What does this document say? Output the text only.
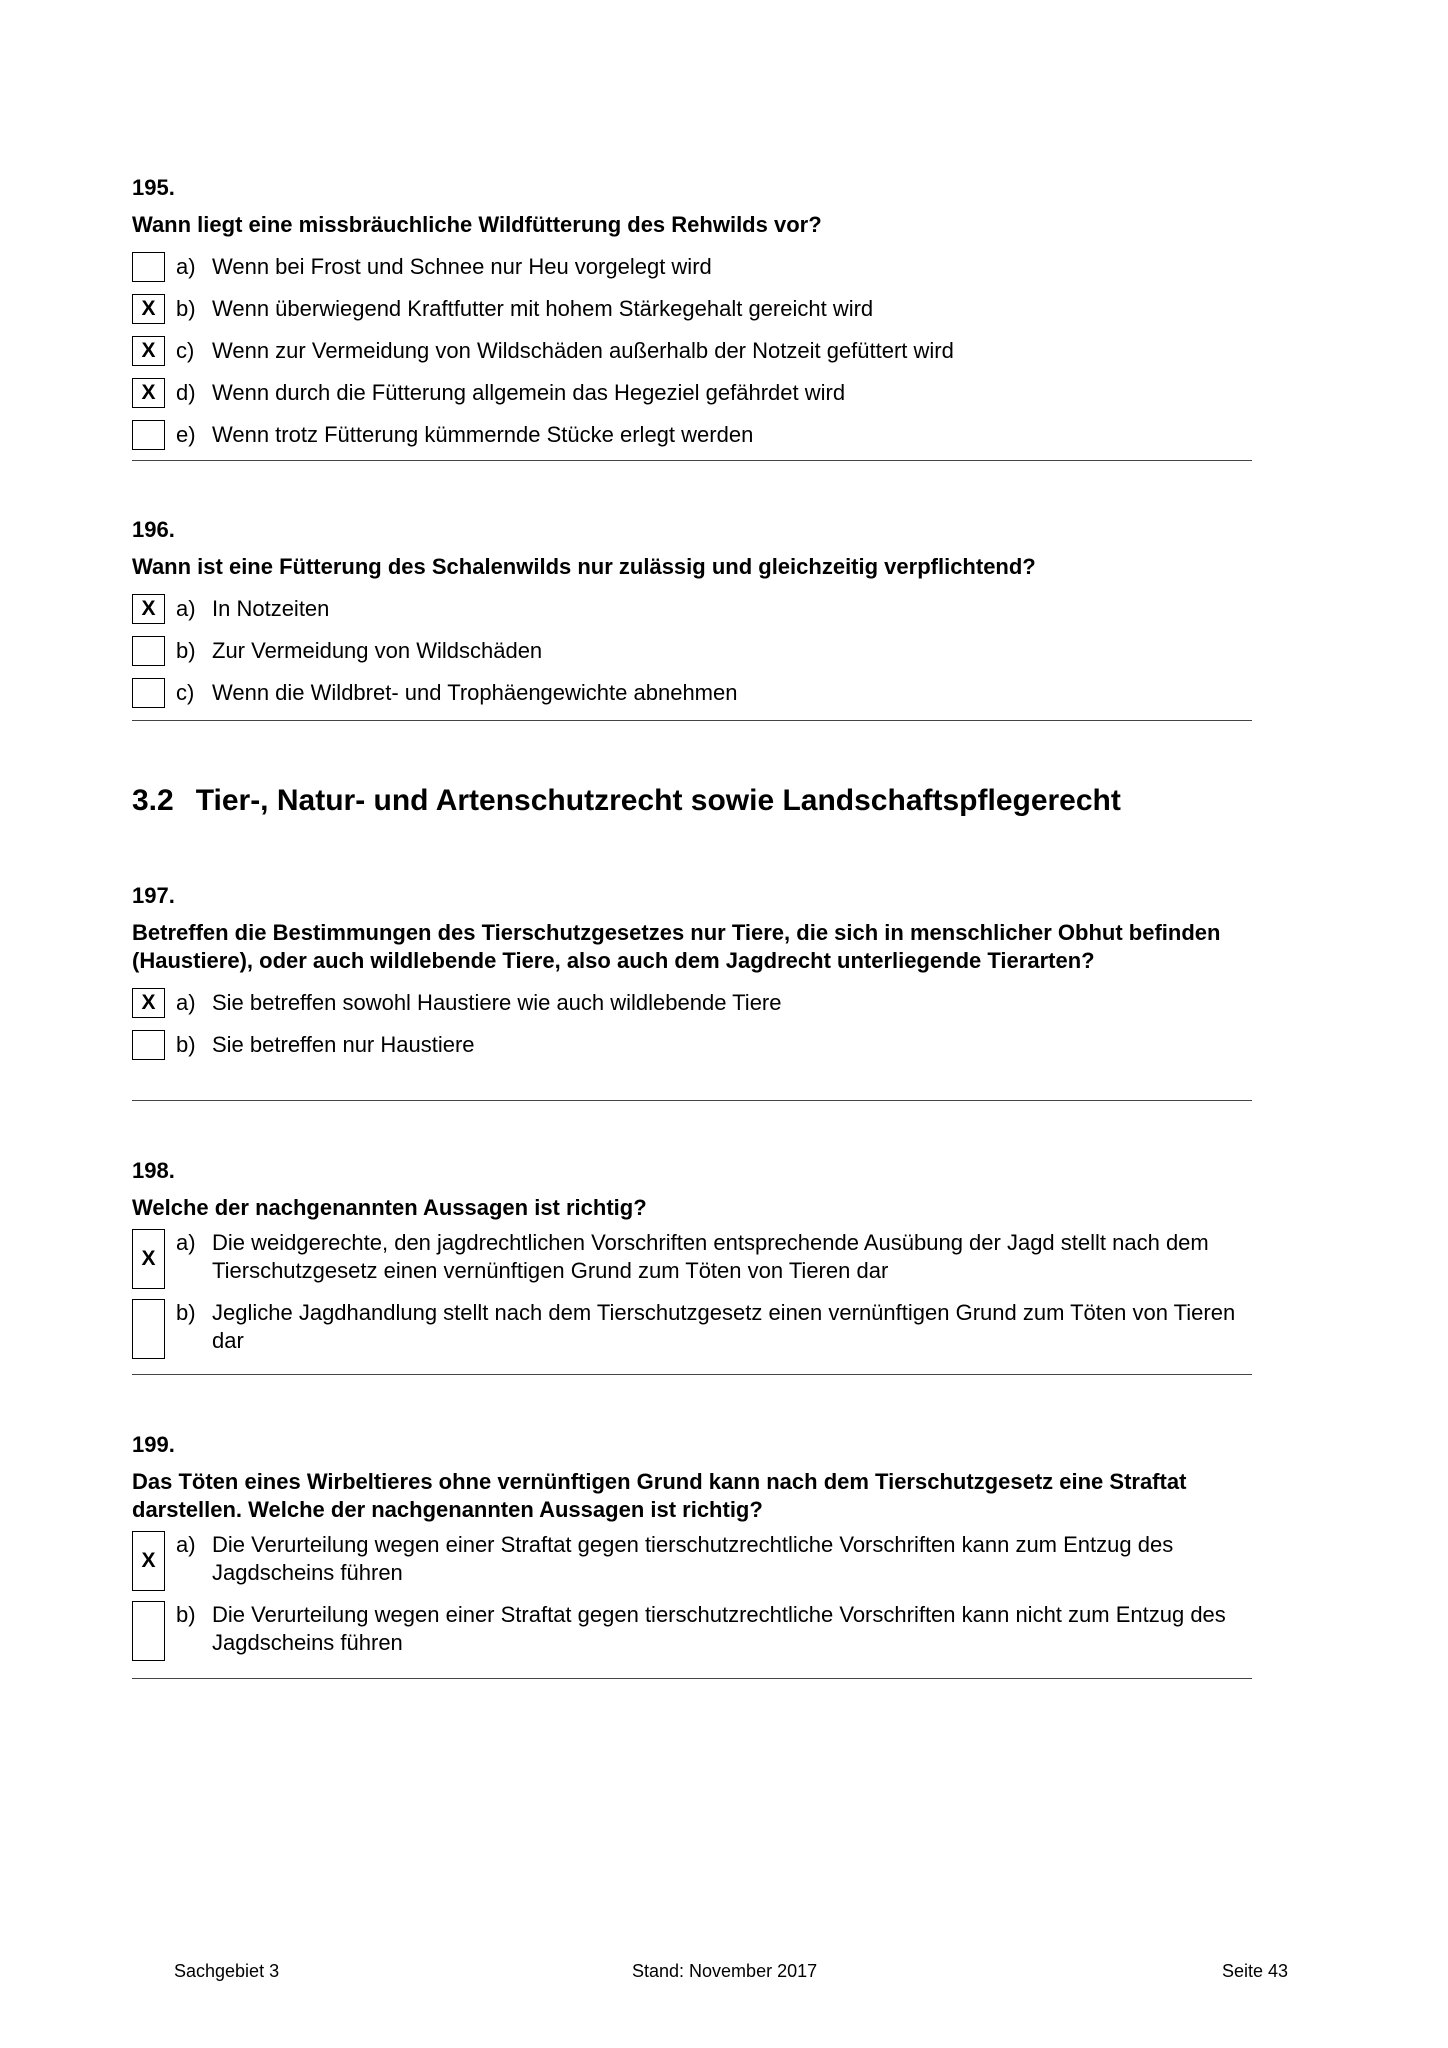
195.
Wann liegt eine missbräuchliche Wildfütterung des Rehwilds vor?
a) Wenn bei Frost und Schnee nur Heu vorgelegt wird
X b) Wenn überwiegend Kraftfutter mit hohem Stärkegehalt gereicht wird
X c) Wenn zur Vermeidung von Wildschäden außerhalb der Notzeit gefüttert wird
X d) Wenn durch die Fütterung allgemein das Hegeziel gefährdet wird
e) Wenn trotz Fütterung kümmernde Stücke erlegt werden
196.
Wann ist eine Fütterung des Schalenwilds nur zulässig und gleichzeitig verpflichtend?
X a) In Notzeiten
b) Zur Vermeidung von Wildschäden
c) Wenn die Wildbret- und Trophäengewichte abnehmen
3.2 Tier-, Natur- und Artenschutzrecht sowie Landschaftspflegerecht
197.
Betreffen die Bestimmungen des Tierschutzgesetzes nur Tiere, die sich in menschlicher Obhut befinden (Haustiere), oder auch wildlebende Tiere, also auch dem Jagdrecht unterliegende Tierarten?
X a) Sie betreffen sowohl Haustiere wie auch wildlebende Tiere
b) Sie betreffen nur Haustiere
198.
Welche der nachgenannten Aussagen ist richtig?
X
a) Die weidgerechte, den jagdrechtlichen Vorschriften entsprechende Ausübung der Jagd stellt nach dem Tierschutzgesetz einen vernünftigen Grund zum Töten von Tieren dar
b) Jegliche Jagdhandlung stellt nach dem Tierschutzgesetz einen vernünftigen Grund zum Töten von Tieren dar
199.
Das Töten eines Wirbeltieres ohne vernünftigen Grund kann nach dem Tierschutzgesetz eine Straftat darstellen. Welche der nachgenannten Aussagen ist richtig?
X
a) Die Verurteilung wegen einer Straftat gegen tierschutzrechtliche Vorschriften kann zum Entzug des Jagdscheins führen
b) Die Verurteilung wegen einer Straftat gegen tierschutzrechtliche Vorschriften kann nicht zum Entzug des Jagdscheins führen
Sachgebiet 3	Stand: November 2017	Seite 43
